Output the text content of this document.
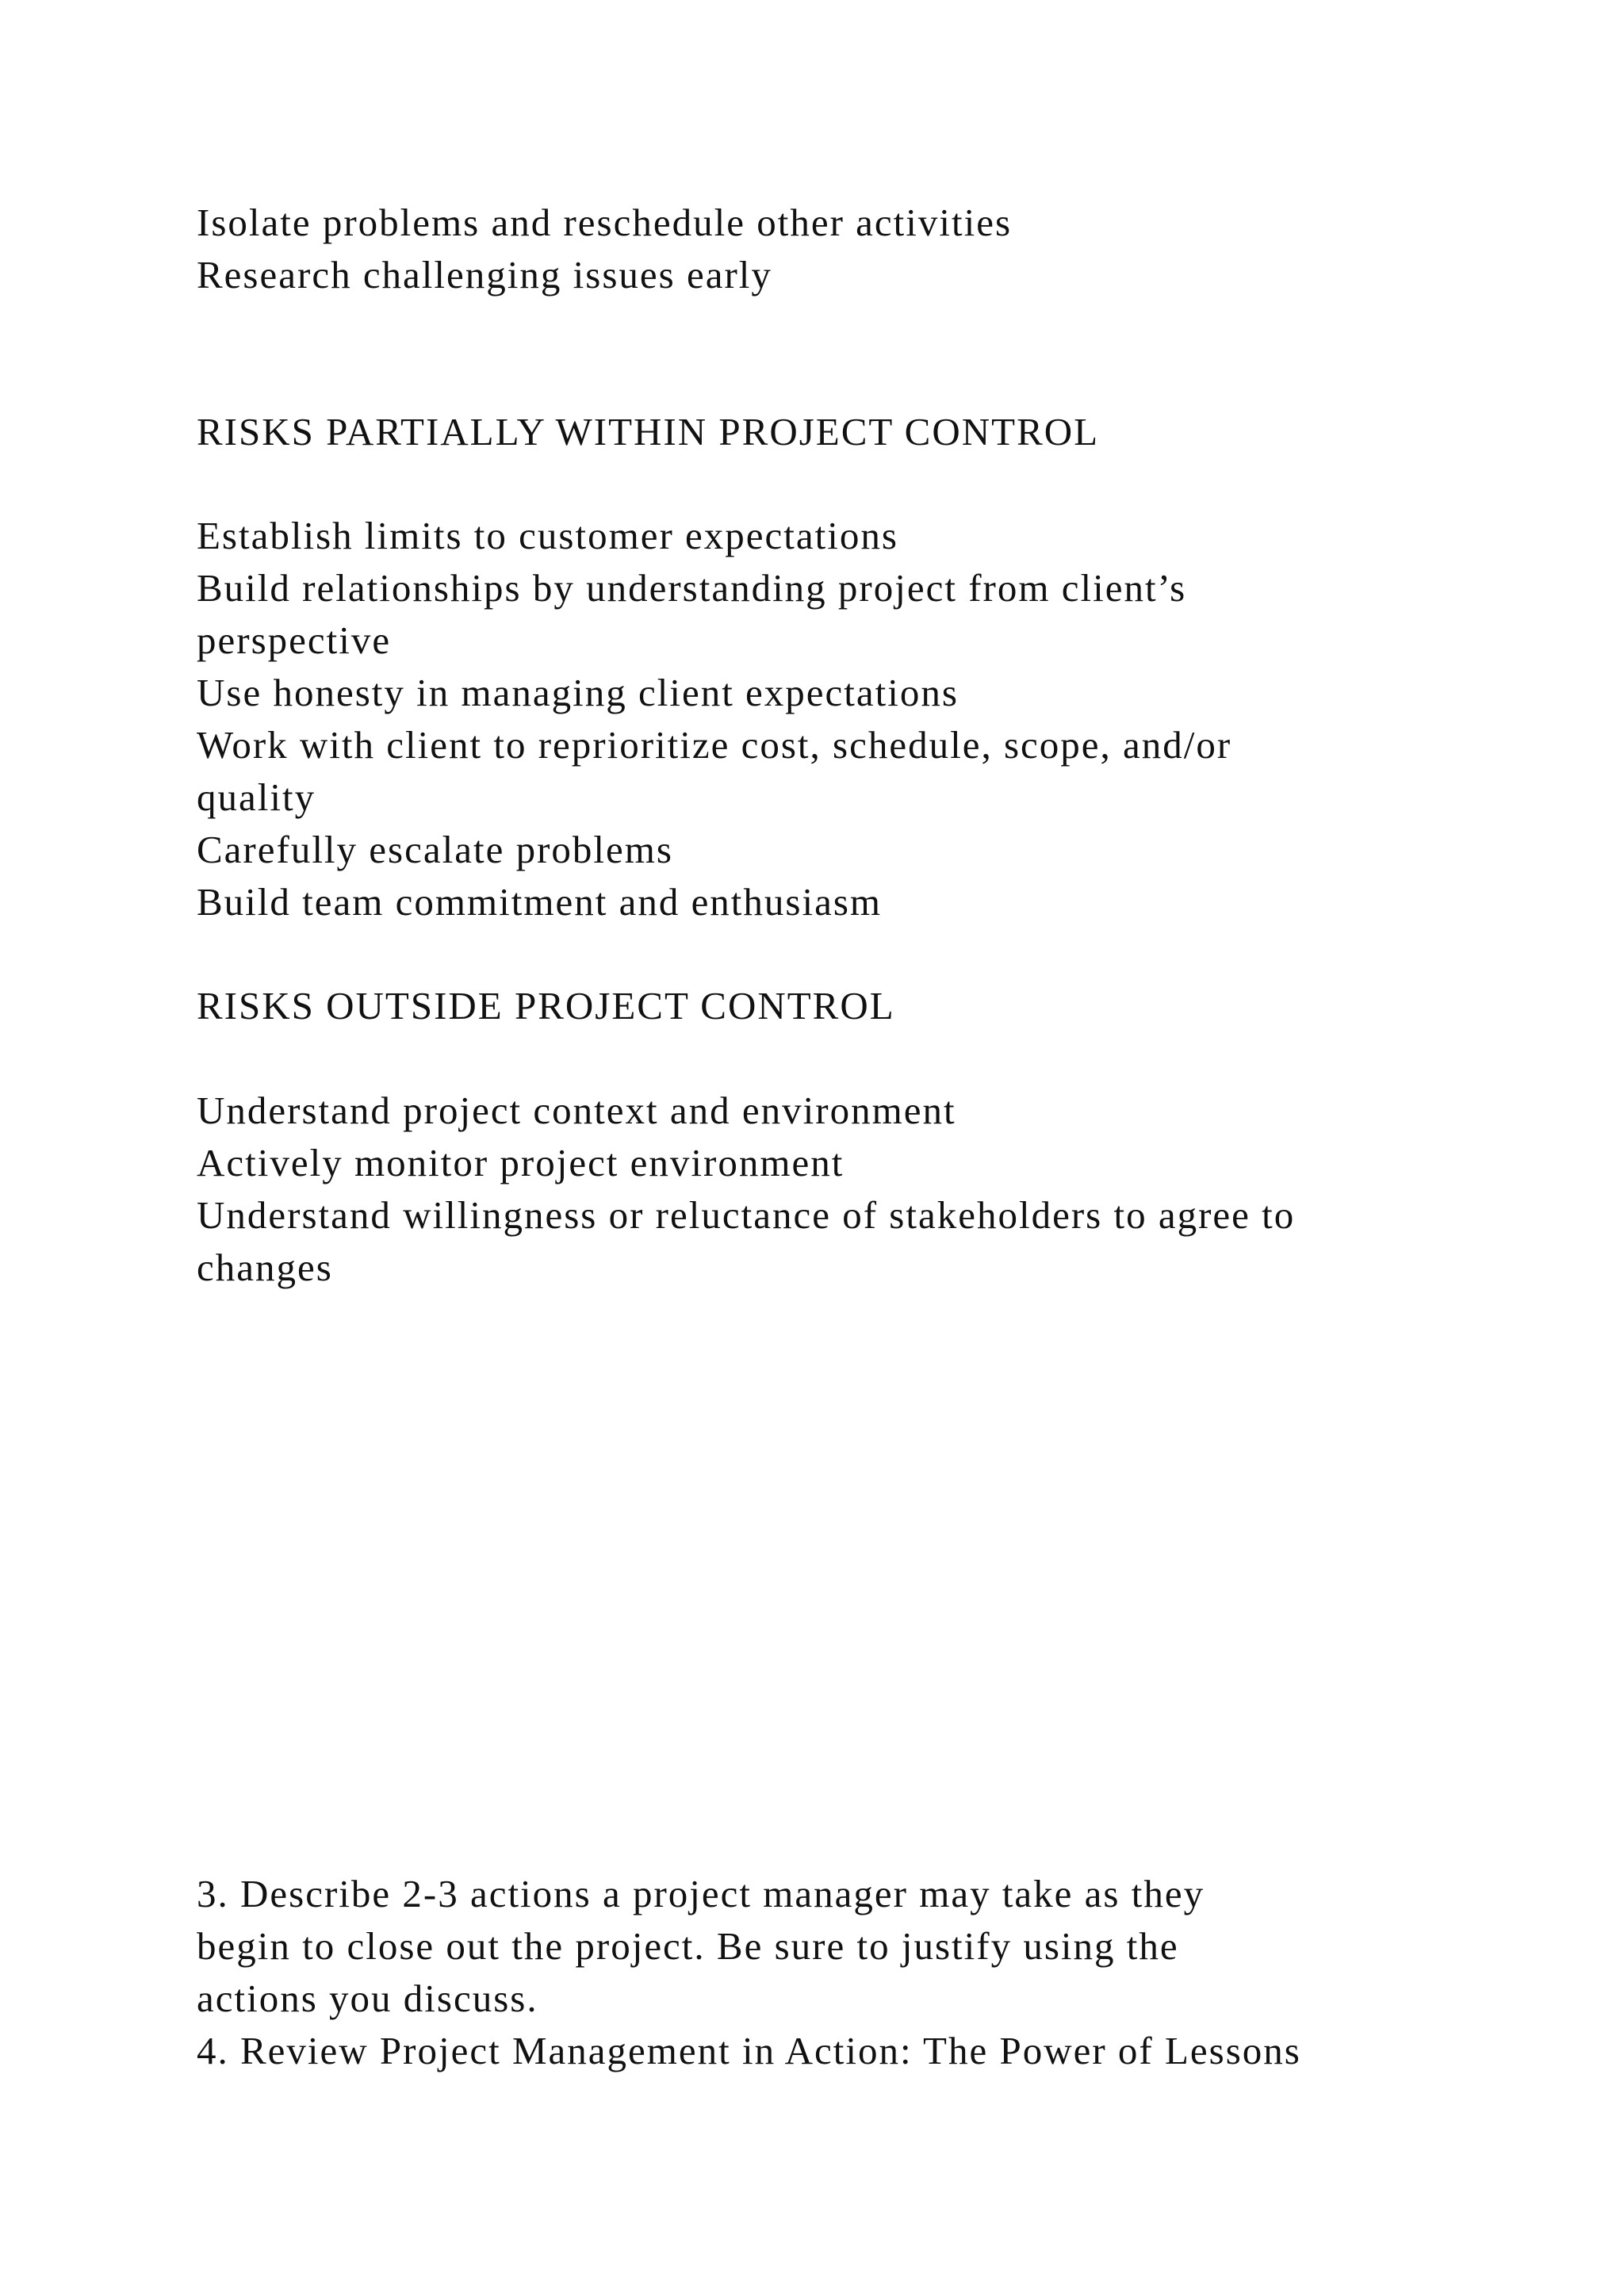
Isolate problems and reschedule other activities

Research challenging issues early

RISKS PARTIALLY WITHIN PROJECT CONTROL

Establish limits to customer expectations

Build relationships by understanding project from client’s

perspective

Use honesty in managing client expectations

Work with client to reprioritize cost, schedule, scope, and/or

quality

Carefully escalate problems

Build team commitment and enthusiasm

RISKS OUTSIDE PROJECT CONTROL

Understand project context and environment

Actively monitor project environment

Understand willingness or reluctance of stakeholders to agree to

changes

3. Describe 2-3 actions a project manager may take as they

begin to close out the project. Be sure to justify using the

actions you discuss.

4. Review Project Management in Action: The Power of Lessons
